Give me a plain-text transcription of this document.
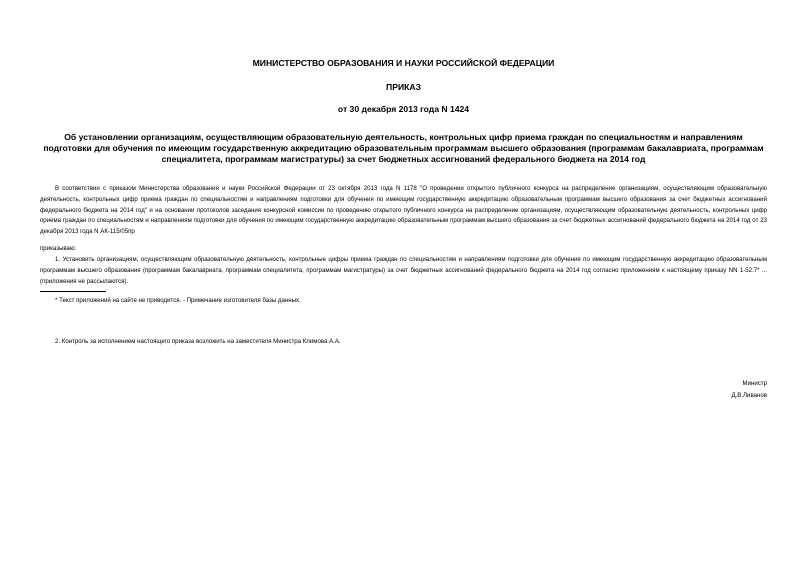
МИНИСТЕРСТВО ОБРАЗОВАНИЯ И НАУКИ РОССИЙСКОЙ ФЕДЕРАЦИИ
ПРИКАЗ
от 30 декабря 2013 года N 1424
Об установлении организациям, осуществляющим образовательную деятельность, контрольных цифр приема граждан по специальностям и направлениям подготовки для обучения по имеющим государственную аккредитацию образовательным программам высшего образования (программам бакалавриата, программам специалитета, программам магистратуры) за счет бюджетных ассигнований федерального бюджета на 2014 год
В соответствии с приказом Министерства образования и науки Российской Федерации от 23 октября 2013 года N 1178 "О проведении открытого публичного конкурса на распределение организациям, осуществляющим образовательную деятельность, контрольных цифр приема граждан по специальностям и направлениям подготовки для обучения по имеющим государственную аккредитацию образовательным программам высшего образования за счет бюджетных ассигнований федерального бюджета на 2014 год" и на основании протоколов заседания конкурсной комиссии по проведению открытого публичного конкурса на распределение организациям, осуществляющим образовательную деятельность, контрольных цифр приема граждан по специальностям и направлениям подготовки для обучения по имеющим государственную аккредитацию образовательным программам высшего образования за счет бюджетных ассигнований федерального бюджета на 2014 год от 23 декабря 2013 года N АК-115/05пр
приказываю:
1. Установить организациям, осуществляющим образовательную деятельность, контрольные цифры приема граждан по специальностям и направлениям подготовки для обучения по имеющим государственную аккредитацию образовательным программам высшего образования (программам бакалавриата, программам специалитета, программам магистратуры) за счет бюджетных ассигнований федерального бюджета на 2014 год согласно приложениям к настоящему приказу NN 1-52.7* ... (приложения не рассылаются).
* Текст приложений на сайте не приводится. - Примечание изготовителя базы данных.
2. Контроль за исполнением настоящего приказа возложить на заместителя Министра Климова А.А.
Министр
Д.В.Ливанов
